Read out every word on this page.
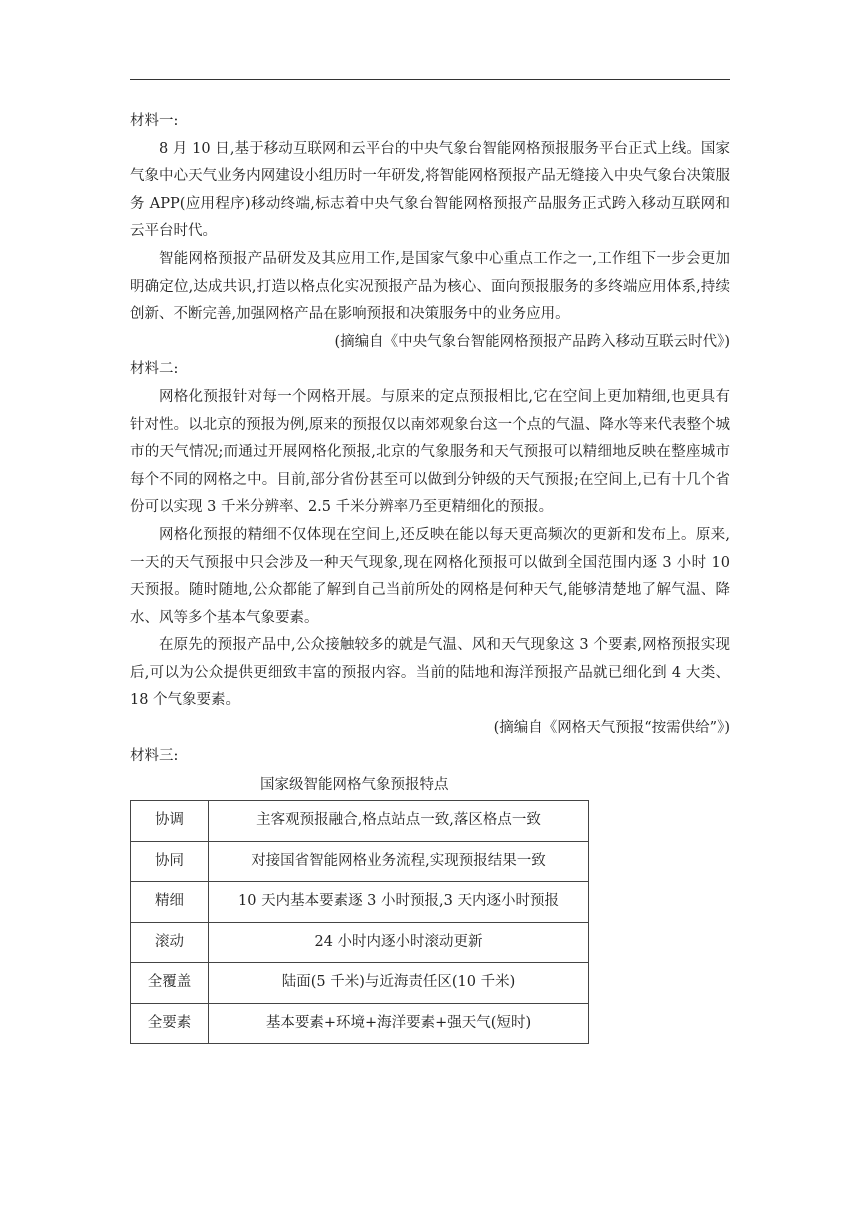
材料一:

8 月 10 日,基于移动互联网和云平台的中央气象台智能网格预报服务平台正式上线。国家气象中心天气业务内网建设小组历时一年研发,将智能网格预报产品无缝接入中央气象台决策服务 APP(应用程序)移动终端,标志着中央气象台智能网格预报产品服务正式跨入移动互联网和云平台时代。

智能网格预报产品研发及其应用工作,是国家气象中心重点工作之一,工作组下一步会更加明确定位,达成共识,打造以格点化实况预报产品为核心、面向预报服务的多终端应用体系,持续创新、不断完善,加强网格产品在影响预报和决策服务中的业务应用。

(摘编自《中央气象台智能网格预报产品跨入移动互联云时代》)

材料二:

网格化预报针对每一个网格开展。与原来的定点预报相比,它在空间上更加精细,也更具有针对性。以北京的预报为例,原来的预报仅以南郊观象台这一个点的气温、降水等来代表整个城市的天气情况;而通过开展网格化预报,北京的气象服务和天气预报可以精细地反映在整座城市每个不同的网格之中。目前,部分省份甚至可以做到分钟级的天气预报;在空间上,已有十几个省份可以实现 3 千米分辨率、2.5 千米分辨率乃至更精细化的预报。

网格化预报的精细不仅体现在空间上,还反映在能以每天更高频次的更新和发布上。原来,一天的天气预报中只会涉及一种天气现象,现在网格化预报可以做到全国范围内逐 3 小时 10 天预报。随时随地,公众都能了解到自己当前所处的网格是何种天气,能够清楚地了解气温、降水、风等多个基本气象要素。

在原先的预报产品中,公众接触较多的就是气温、风和天气现象这 3 个要素,网格预报实现后,可以为公众提供更细致丰富的预报内容。当前的陆地和海洋预报产品就已细化到 4 大类、18 个气象要素。

(摘编自《网格天气预报“按需供给”》)

材料三:

国家级智能网格气象预报特点

协调	主客观预报融合,格点站点一致,落区格点一致
协同	对接国省智能网格业务流程,实现预报结果一致
精细	10 天内基本要素逐 3 小时预报,3 天内逐小时预报
滚动	24 小时内逐小时滚动更新
全覆盖	陆面(5 千米)与近海责任区(10 千米)
全要素	基本要素+环境+海洋要素+强天气(短时)
